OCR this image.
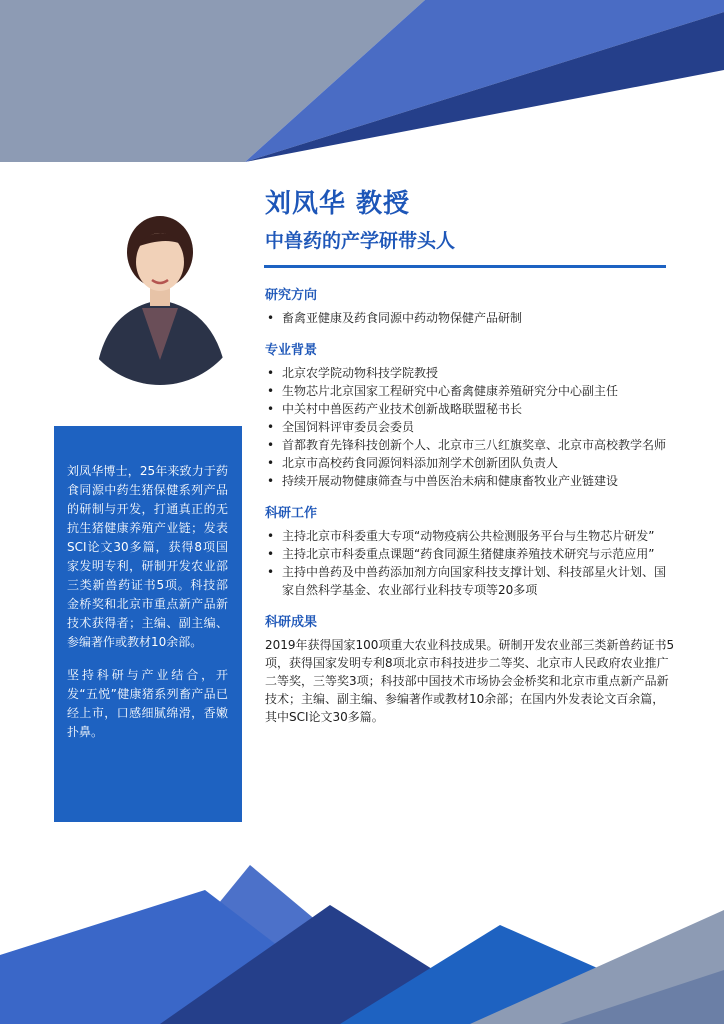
刘凤华 教授
中兽药的产学研带头人

刘凤华博士，25年来致力于药食同源中药生猪保健系列产品的研制与开发，打通真正的无抗生猪健康养殖产业链；发表SCI论文30多篇，获得8项国家发明专利，研制开发农业部三类新兽药证书5项。科技部金桥奖和北京市重点新产品新技术获得者；主编、副主编、参编著作或教材10余部。

坚持科研与产业结合，开发“五悦”健康猪系列畜产品已经上市，口感细腻绵滑，香嫩扑鼻。

研究方向
• 畜禽亚健康及药食同源中药动物保健产品研制
专业背景
• 北京农学院动物科技学院教授
• 生物芯片北京国家工程研究中心畜禽健康养殖研究分中心副主任
• 中关村中兽医药产业技术创新战略联盟秘书长
• 全国饲料评审委员会委员
• 首都教育先锋科技创新个人、北京市三八红旗奖章、北京市高校教学名师
• 北京市高校药食同源饲料添加剂学术创新团队负责人
• 持续开展动物健康筛查与中兽医治未病和健康畜牧业产业链建设
科研工作
• 主持北京市科委重大专项“动物疫病公共检测服务平台与生物芯片研发”
• 主持北京市科委重点课题“药食同源生猪健康养殖技术研究与示范应用”
• 主持中兽药及中兽药添加剂方向国家科技支撑计划、科技部星火计划、国家自然科学基金、农业部行业科技专项等20多项
科研成果

2019年获得国家100项重大农业科技成果。研制开发农业部三类新兽药证书5项，获得国家发明专利8项北京市科技进步二等奖、北京市人民政府农业推广二等奖，三等奖3项；科技部中国技术市场协会金桥奖和北京市重点新产品新技术；主编、副主编、参编著作或教材10余部；在国内外发表论文百余篇，其中SCI论文30多篇。
